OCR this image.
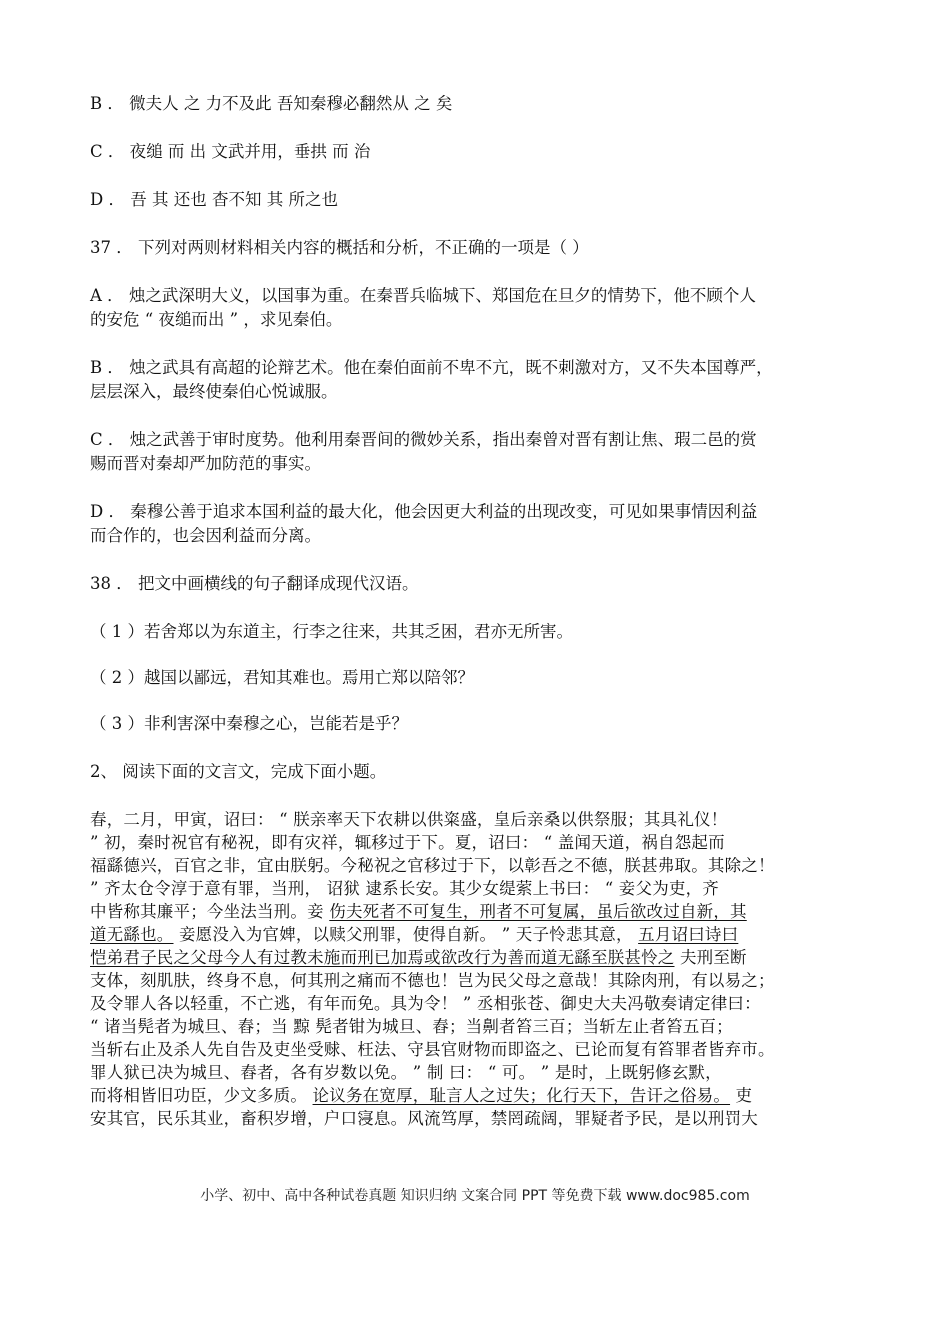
B ． 微夫人 之 力不及此 吾知秦穆必翻然从 之 矣
C ． 夜缒 而 出 文武并用，垂拱 而 治
D ． 吾 其 还也 杳不知 其 所之也
37 ． 下列对两则材料相关内容的概括和分析，不正确的一项是（ ）
A ． 烛之武深明大义，以国事为重。在秦晋兵临城下、郑国危在旦夕的情势下，他不顾个人
的安危 “ 夜缒而出 ” ，求见秦伯。
B ． 烛之武具有高超的论辩艺术。他在秦伯面前不卑不亢，既不刺激对方，又不失本国尊严，
层层深入，最终使秦伯心悦诚服。
C ． 烛之武善于审时度势。他利用秦晋间的微妙关系，指出秦曾对晋有割让焦、瑕二邑的赏
赐而晋对秦却严加防范的事实。
D ． 秦穆公善于追求本国利益的最大化，他会因更大利益的出现改变，可见如果事情因利益
而合作的，也会因利益而分离。
38 ． 把文中画横线的句子翻译成现代汉语。
（ 1 ）若舍郑以为东道主，行李之往来，共其乏困，君亦无所害。
（ 2 ）越国以鄙远，君知其难也。焉用亡郑以陪邻？
（ 3 ）非利害深中秦穆之心，岂能若是乎？
2、 阅读下面的文言文，完成下面小题。
春，二月，甲寅，诏曰： “ 朕亲率天下农耕以供粢盛，皇后亲桑以供祭服；其具礼仪！
” 初，秦时祝官有秘祝，即有灾祥，辄移过于下。夏，诏曰： “ 盖闻天道，祸自怨起而
福繇德兴，百官之非，宜由朕躬。今秘祝之官移过于下，以彰吾之不德，朕甚弗取。其除之！
” 齐太仓令淳于意有罪，当刑， 诏狱 逮系长安。其少女缇萦上书曰： “ 妾父为吏，齐
中皆称其廉平；今坐法当刑。妾 伤夫死者不可复生，刑者不可复属，虽后欲改过自新，其
道无繇也。 妾愿没入为官婢，以赎父刑罪，使得自新。 ” 天子怜悲其意， 五月诏曰诗曰
恺弟君子民之父母今人有过教未施而刑已加焉或欲改行为善而道无繇至朕甚怜之 夫刑至断
支体，刻肌肤，终身不息，何其刑之痛而不德也！岂为民父母之意哉！其除肉刑，有以易之；
及令罪人各以轻重，不亡逃，有年而免。具为令！ ” 丞相张苍、御史大夫冯敬奏请定律曰：
“ 诸当髡者为城旦、舂；当 黥 髡者钳为城旦、舂；当劓者笞三百；当斩左止者笞五百；
当斩右止及杀人先自告及吏坐受赇、枉法、守县官财物而即盗之、已论而复有笞罪者皆弃市。
罪人狱已决为城旦、舂者，各有岁数以免。 ” 制 曰： “ 可。 ” 是时，上既躬修玄默，
而将相皆旧功臣，少文多质。 论议务在宽厚，耻言人之过失；化行天下，告讦之俗易。 吏
安其官，民乐其业，畜积岁增，户口寖息。风流笃厚，禁罔疏阔，罪疑者予民，是以刑罚大
小学、初中、高中各种试卷真题 知识归纳 文案合同 PPT 等免费下载 www.doc985.com
